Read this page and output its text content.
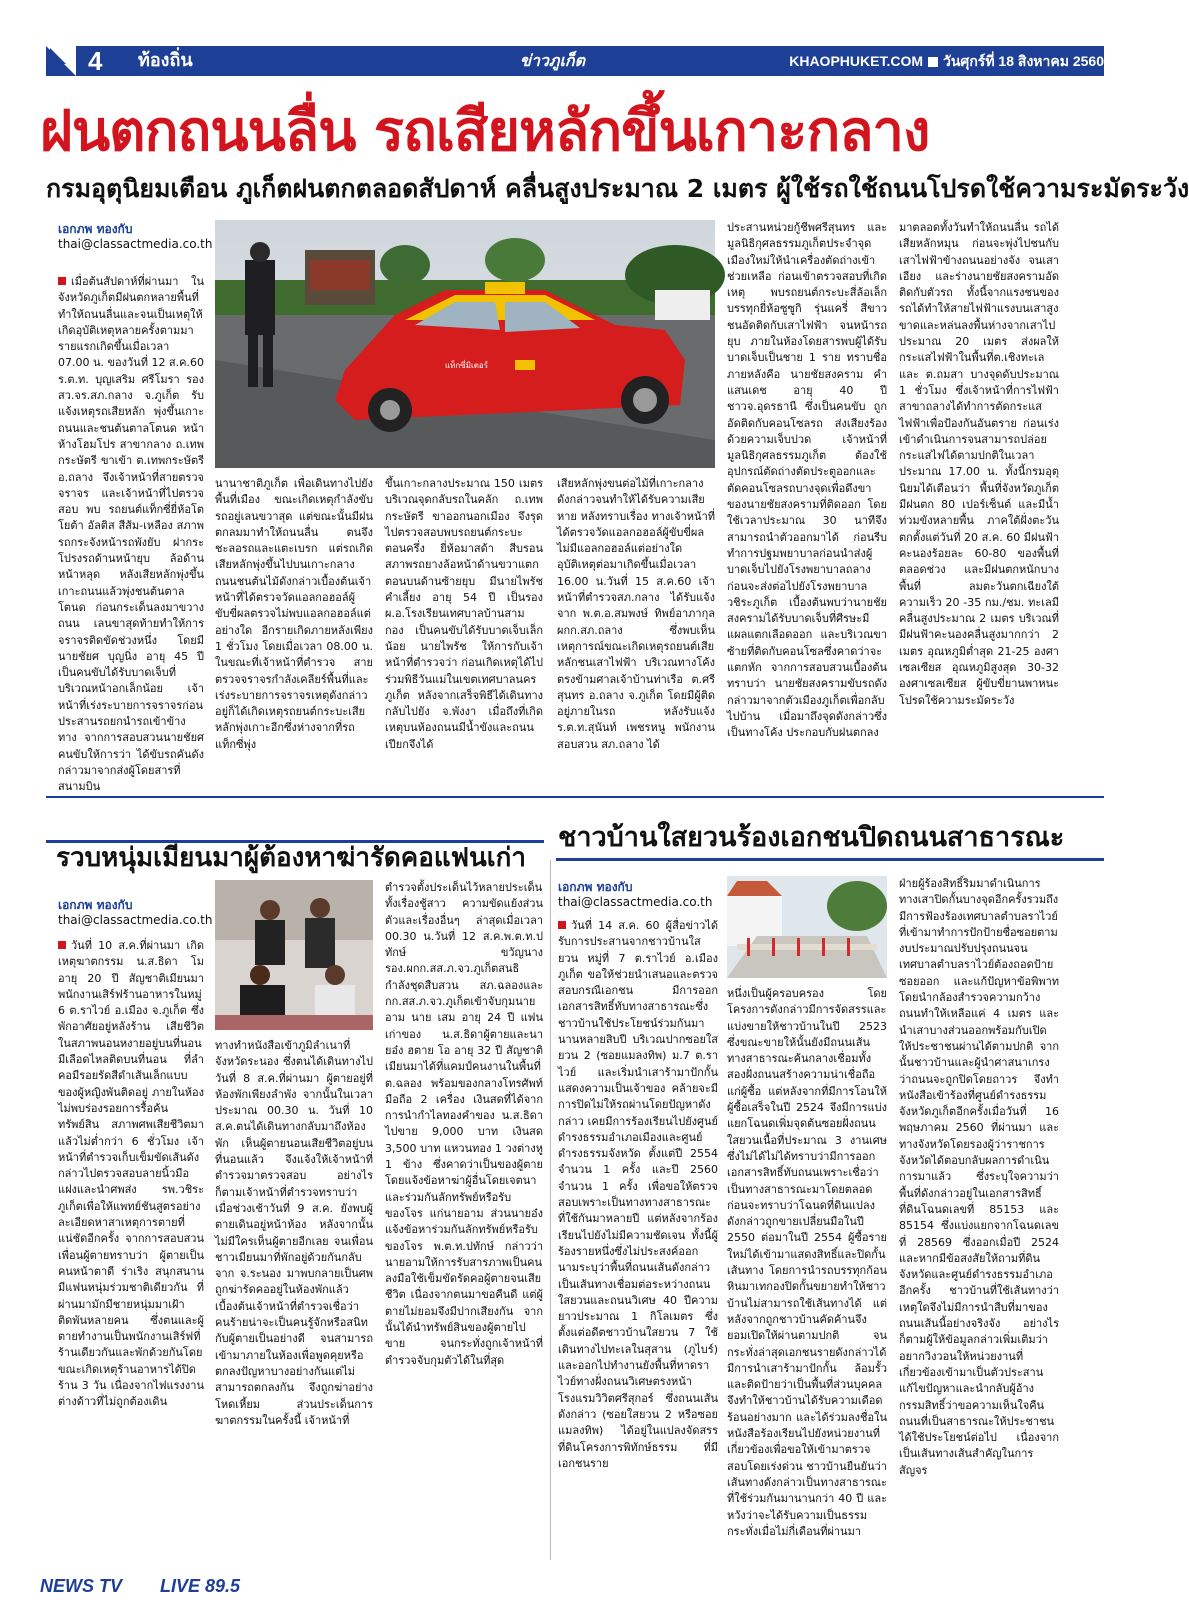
4 ท้องถิ่น	ข่าวภูเก็ต	KHAOPHUKET.COM วันศุกร์ที่ 18 สิงหาคม 2560
ฝนตกถนนลื่น รถเสียหลักขึ้นเกาะกลาง
กรมอุตุนิยมเตือน ภูเก็ตฝนตกตลอดสัปดาห์ คลื่นสูงประมาณ 2 เมตร ผู้ใช้รถใช้ถนนโปรดใช้ความระมัดระวัง
เอกภพ ทองกับ
thai@classactmedia.co.th
แท็กซี่มิเตอร์
เมื่อต้นสัปดาห์ที่ผ่านมา ในจังหวัดภูเก็ตมีฝนตกหลายพื้นที่ ทำให้ถนนลื่นและจนเป็นเหตุให้เกิดอุบัติเหตุหลายครั้งตามมา รายแรกเกิดขึ้นเมื่อเวลา 07.00 น. ของวันที่ 12 ส.ค.60 ร.ต.ท. บุญเสริม ศรีโมรา รอง สว.จร.สภ.กลาง จ.ภูเก็ต รับแจ้งเหตุรถเสียหลัก พุ่งขึ้นเกาะถนนและชนต้นตาลโตนด หน้าห้างโฮมโปร สาขากลาง ถ.เทพกระษัตรี ขาเข้า ต.เทพกระษัตรี อ.ถลาง จึงเจ้าหน้าที่สายตรวจจราจร และเจ้าหน้าที่ไปตรวจสอบ พบ รถยนต์แท็กซี่ยี่ห้อโตโยต้า อัลติส สีส้ม-เหลือง สภาพรถกระจังหน้ารถพังยับ ฝากระโปรงรถด้านหน้ายุบ ล้อด้านหน้าหลุด หลังเสียหลักพุ่งขึ้นเกาะถนนแล้วพุ่งชนต้นตาลโตนด ก่อนกระเด็นลงมาขวางถนน เลนขาสุดท้ายทำให้การจราจรติดขัดช่วงหนึ่ง โดยมีนายชัยศ บุญนิ่ง อายุ 45 ปี เป็นคนขับได้รับบาดเจ็บที่บริเวณหน้าอกเล็กน้อย เจ้าหน้าที่เร่งระบายการจราจรก่อนประสานรถยกนำรถเข้าข้างทาง จากการสอบสวนนายชัยศ คนขับให้การว่า ได้ขับรถคันดังกล่าวมาจากส่งผู้โดยสารที่สนามบิน
นานาชาติภูเก็ต เพื่อเดินทางไปยังพื้นที่เมือง ขณะเกิดเหตุกำลังขับรถอยู่เลนขวาสุด แต่ขณะนั้นมีฝนตกลมมาทำให้ถนนลื่น ตนจึงชะลอรถและแตะเบรก แต่รถเกิดเสียหลักพุ่งขึ้นไปบนเกาะกลางถนนชนต้นไม้ดังกล่าวเบื้องต้นเจ้าหน้าที่ได้ตรวจวัดแอลกอฮอล์ผู้ขับขี่ผลตรวจไม่พบแอลกอฮอล์แต่อย่างใด อีกรายเกิดภายหลังเพียง 1 ชั่วโมง โดยเมื่อเวลา 08.00 น. ในขณะที่เจ้าหน้าที่ตำรวจ สายตรวจจราจรกำลังเคลียร์พื้นที่และเร่งระบายการจราจรเหตุดังกล่าวอยู่ก็ได้เกิดเหตุรถยนต์กระบะเสียหลักพุ่งเกาะอีกซึ่งห่างจากที่รถแท็กซี่พุ่ง
ขึ้นเกาะกลางประมาณ 150 เมตร บริเวณจุดกลับรถในคลัก ถ.เทพกระษัตรี ขาออกนอกเมือง จึงรุดไปตรวจสอบพบรถยนต์กระบะตอนครึ่ง ยี่ห้อมาสด้า สีบรอน สภาพรถยางล้อหน้าด้านขวาแตก ตอนบนด้านซ้ายยุบ มีนายไพรัช คำเลี้ยง อายุ 54 ปี เป็นรอง ผ.อ.โรงเรียนเทศบาลบ้านสามกอง เป็นคนขับได้รับบาดเจ็บเล็กน้อย นายไพรัช ให้การกับเจ้าหน้าที่ตำรวจว่า ก่อนเกิดเหตุได้ไปร่วมพิธีวันแม่ในเขตเทศบาลนครภูเก็ต หลังจากเสร็จพิธีได้เดินทางกลับไปยัง จ.พังงา เมื่อถึงที่เกิดเหตุบนห้องถนนมีน้ำขังและถนนเปียกจึงได้
เสียหลักพุ่งขนต่อไม้ที่เกาะกลางดังกล่าวจนทำให้ได้รับความเสียหาย หลังทราบเรื่อง ทางเจ้าหน้าที่ได้ตรวจวัดแอลกอฮอล์ผู้ขับขี่ผลไม่มีแอลกอฮอล์แต่อย่างใด อุบัติเหตุต่อมาเกิดขึ้นเมื่อเวลา 16.00 น.วันที่ 15 ส.ค.60 เจ้าหน้าที่ตำรวจสภ.กลาง ได้รับแจ้งจาก พ.ต.อ.สมพงษ์ ทิพย์อาภากุล ผกก.สภ.ถลาง ซึ่งพบเห็นเหตุการณ์ขณะเกิดเหตุรถยนต์เสียหลักชนเสาไฟฟ้า บริเวณทางโค้งตรงข้ามศาลเจ้าบ้านท่าเรือ ต.ศรีสุนทร อ.ถลาง จ.ภูเก็ต โดยมีผู้ติดอยู่ภายในรถ หลังรับแจ้ง ร.ต.ท.สุนันท์ เพชรหนู พนักงานสอบสวน สภ.ถลาง ได้
ประสานหน่วยกู้ชีพศรีสุนทร และมูลนิธิกุศลธรรมภูเก็ตประจำจุดเมืองใหม่ให้นำเครื่องตัดถ่างเข้าช่วยเหลือ ก่อนเข้าตรวจสอบที่เกิดเหตุ พบรถยนต์กระบะสี่ล้อเล็กบรรทุกยี่ห้อซูซูกิ รุ่นแครี่ สีขาว ชนอัดติดกับเสาไฟฟ้า จนหน้ารถยุบ ภายในห้องโดยสารพบผู้ได้รับบาดเจ็บเป็นชาย 1 ราย ทราบชื่อภายหลังคือ นายชัยสงคราม คำแสนเดช อายุ 40 ปี ชาวจ.อุดรธานี ซึ่งเป็นคนขับ ถูกอัดติดกับคอนโซลรถ ส่งเสียงร้องด้วยความเจ็บปวด เจ้าหน้าที่มูลนิธิกุศลธรรมภูเก็ต ต้องใช้อุปกรณ์ตัดถ่างตัดประตูออกและตัดคอนโซลรถบางจุดเพื่อดึงขาของนายชัยสงครามที่ติดออก โดยใช้เวลาประมาณ 30 นาทีจึงสามารถนำตัวออกมาได้ ก่อนรีบทำการปฐมพยาบาลก่อนนำส่งผู้บาดเจ็บไปยังโรงพยาบาลถลาง ก่อนจะส่งต่อไปยังโรงพยาบาลวชิระภูเก็ต เบื้องต้นพบว่านายชัยสงครามได้รับบาดเจ็บที่ศีรษะมีแผลแตกเลือดออก และบริเวณขาซ้ายที่ติดกับคอนโซลซึ่งคาดว่าจะแตกหัก จากการสอบสวนเบื้องต้นทราบว่า นายชัยสงครามขับรถดังกล่าวมาจากตัวเมืองภูเก็ตเพื่อกลับไปบ้าน เมื่อมาถึงจุดดังกล่าวซึ่งเป็นทางโค้ง ประกอบกับฝนตกลง
มาตลอดทั้งวันทำให้ถนนลื่น รถได้เสียหลักหมุน ก่อนจะพุ่งไปชนกับเสาไฟฟ้าข้างถนนอย่างจัง จนเสาเอียง และร่างนายชัยสงครามอัดติดกับตัวรถ ทั้งนี้จากแรงชนของรถได้ทำให้สายไฟฟ้าแรงบนเสาสูงขาดและหล่นลงพื้นห่างจากเสาไปประมาณ 20 เมตร ส่งผลให้กระแสไฟฟ้าในพื้นที่ต.เชิงทะเล และ ต.ถมสา บางจุดดับประมาณ 1 ชั่วโมง ซึ่งเจ้าหน้าที่การไฟฟ้าสาขาถลางได้ทำการตัดกระแสไฟฟ้าเพื่อป้องกันอันตราย ก่อนเร่งเข้าดำเนินการจนสามารถปล่อยกระแสไฟได้ตามปกติในเวลาประมาณ 17.00 น. ทั้งนี้กรมอุตุนิยมได้เตือนว่า พื้นที่จังหวัดภูเก็ตมีฝนตก 80 เปอร์เซ็นต์ และมีน้ำท่วมขังหลายพื้น ภาคใต้ฝั่งตะวันตกตั้งแต่วันที่ 20 ส.ค. 60 มีฝนฟ้าคะนองร้อยละ 60-80 ของพื้นที่ ตลอดช่วง และมีฝนตกหนักบางพื้นที่ ลมตะวันตกเฉียงใต้ ความเร็ว 20 -35 กม./ชม. ทะเลมีคลื่นสูงประมาณ 2 เมตร บริเวณที่มีฝนฟ้าคะนองคลื่นสูงมากกว่า 2 เมตร อุณหภูมิต่ำสุด 21-25 องศาเซลเซียส อุณหภูมิสูงสุด 30-32 องศาเซลเซียส ผู้ขับขี่ยานพาหนะโปรดใช้ความระมัดระวัง
รวบหนุ่มเมียนมาผู้ต้องหาฆ่ารัดคอแฟนเก่า
เอกภพ ทองกับ
thai@classactmedia.co.th
วันที่ 10 ส.ค.ที่ผ่านมา เกิดเหตุฆาตกรรม น.ส.ธิดา โม อายุ 20 ปี สัญชาติเมียนมา พนักงานเสิร์ฟร้านอาหารในหมู่ 6 ต.ราไวย์ อ.เมือง จ.ภูเก็ต ซึ่งพักอาศัยอยู่หลังร้าน เสียชีวิตในสภาพนอนหงายอยู่บนที่นอนมีเลือดไหลติดบนที่นอน ที่ลำคอมีรอยรัดสีดำเส้นเล็กแบบของผู้หญิงพันติดอยู่ ภายในห้องไม่พบร่องรอยการรื้อค้นทรัพย์สิน สภาพศพเสียชีวิตมาแล้วไม่ต่ำกว่า 6 ชั่วโมง เจ้าหน้าที่ตำรวจเก็บเข็มขัดเส้นดังกล่าวไปตรวจสอบลายนิ้วมือแฝงและนำศพส่ง รพ.วชิระภูเก็ตเพื่อให้แพทย์ชันสูตรอย่างละเอียดหาสาเหตุการตายที่แน่ชัดอีกครั้ง จากการสอบสวนเพื่อนผู้ตายทราบว่า ผู้ตายเป็นคนหน้าตาดี ร่าเริง สนุกสนาน มีแฟนหนุ่มร่วมชาติเดียวกัน ที่ผ่านมามักมีชายหนุ่มมาเฝ้าติดพันหลายคน ซึ่งตนและผู้ตายทำงานเป็นพนักงานเสิร์ฟที่ร้านเดียวกันและพักด้วยกันโดยขณะเกิดเหตุร้านอาหารได้ปิดร้าน 3 วัน เนื่องจากไฟแรงงานต่างด้าวที่ไม่ถูกต้องเดิน
ทางทำหนังสือเข้าภูมิลำเนาที่จังหวัดระนอง ซึ่งตนได้เดินทางไปวันที่ 8 ส.ค.ที่ผ่านมา ผู้ตายอยู่ที่ห้องพักเพียงลำพัง จากนั้นในเวลาประมาณ 00.30 น. วันที่ 10 ส.ค.ตนได้เดินทางกลับมาถึงห้องพัก เห็นผู้ตายนอนเสียชีวิตอยู่บนที่นอนแล้ว จึงแจ้งให้เจ้าหน้าที่ตำรวจมาตรวจสอบ อย่างไรก็ตามเจ้าหน้าที่ตำรวจทราบว่า เมื่อช่วงเช้าวันที่ 9 ส.ค. ยังพบผู้ตายเดินอยู่หน้าห้อง หลังจากนั้นไม่มีใครเห็นผู้ตายอีกเลย จนเพื่อนชาวเมียนมาที่พักอยู่ด้วยกันกลับจาก จ.ระนอง มาพบกลายเป็นศพถูกฆ่ารัดคออยู่ในห้องพักแล้ว เบื้องต้นเจ้าหน้าที่ตำรวจเชื่อว่าคนร้ายน่าจะเป็นคนรู้จักหรือสนิทกับผู้ตายเป็นอย่างดี จนสามารถเข้ามาภายในห้องเพื่อพูดคุยหรือตกลงปัญหาบางอย่างกันแต่ไม่สามารถตกลงกัน จึงถูกฆ่าอย่างโหดเหี้ยม ส่วนประเด็นการฆาตกรรมในครั้งนี้ เจ้าหน้าที่
ตำรวจตั้งประเด็นไว้หลายประเด็น ทั้งเรื่องชู้สาว ความขัดแย้งส่วนตัวและเรื่องอื่นๆ ล่าสุดเมื่อเวลา 00.30 น.วันที่ 12 ส.ค.พ.ต.ท.ปทักษ์ ขวัญนาง รอง.ผกก.สส.ภ.จว.ภูเก็ตสนธิกำลังชุดสืบสวน สภ.ฉลองและ กก.สส.ภ.จว.ภูเก็ตเข้าจับกุมนายอาม นาย เสม อายุ 24 ปี แฟนเก่าของ น.ส.ธิดาผู้ตายและนายอ๋ง ฮตาย โอ อายุ 32 ปี สัญชาติเมียนมาได้ที่แคมป์คนงานในพื้นที่ ต.ฉลอง พร้อมของกลางโทรศัพท์มือถือ 2 เครื่อง เงินสดที่ได้จากการนำกำไลทองคำของ น.ส.ธิดาไปขาย 9,000 บาท เงินสด 3,500 บาท แหวนทอง 1 วงต่างหู 1 ข้าง ซึ่งคาดว่าเป็นของผู้ตาย โดยแจ้งข้อหาฆ่าผู้อื่นโดยเจตนาและร่วมกันลักทรัพย์หรือรับของโจร แก่นายอาม ส่วนนายอ๋งแจ้งข้อหาร่วมกันลักทรัพย์หรือรับของโจร พ.ต.ท.ปทักษ์ กล่าวว่า นายอามให้การรับสารภาพเป็นคนลงมือใช้เข็มขัดรัดคอผู้ตายจนเสียชีวิต เนื่องจากตนมาขอคืนดี แต่ผู้ตายไม่ยอมจึงมีปากเสียงกัน จากนั้นได้นำทรัพย์สินของผู้ตายไปขาย จนกระทั่งถูกเจ้าหน้าที่ตำรวจจับกุมตัวได้ในที่สุด
ชาวบ้านใสยวนร้องเอกชนปิดถนนสาธารณะ
เอกภพ ทองกับ
thai@classactmedia.co.th
วันที่ 14 ส.ค. 60 ผู้สื่อข่าวได้รับการประสานจากชาวบ้านใสยวน หมู่ที่ 7 ต.ราไวย์ อ.เมืองภูเก็ต ขอให้ช่วยนำเสนอและตรวจสอบกรณีเอกชน มีการออกเอกสารสิทธิ์ทับทางสาธารณะซึ่งชาวบ้านใช้ประโยชน์ร่วมกันมานานหลายสิบปี บริเวณปากซอยใสยวน 2 (ซอยแมลงทิพ) ม.7 ต.ราไวย์ และเริ่มนำเสาร้ามาปักกั้นแสดงความเป็นเจ้าของ คล้ายจะมีการปิดไม่ให้รถผ่านโดยปัญหาดังกล่าว เคยมีการร้องเรียนไปยังศูนย์ดำรงธรรมอำเภอเมืองและศูนย์ดำรงธรรมจังหวัด ตั้งแต่ปี 2554 จำนวน 1 ครั้ง และปี 2560 จำนวน 1 ครั้ง เพื่อขอให้ตรวจสอบเพราะเป็นทางทางสาธารณะที่ใช้กันมาหลายปี แต่หลังจากร้องเรียนไปยังไม่มีความชัดเจน ทั้งนี้ผู้ร้องรายหนึ่งซึ่งไม่ประสงค์ออกนามระบุว่าพื้นที่ถนนเส้นดังกล่าวเป็นเส้นทางเชื่อมต่อระหว่างถนนใสยวนและถนนวิเศษ 40 ปีความยาวประมาณ 1 กิโลเมตร ซึ่งตั้งแต่อดีตชาวบ้านใสยวน 7 ใช้เดินทางไปทะเลในสุสาน (ภูไบร์) และออกไปทำงานยังพื้นที่หาดราไวย์ทางฝั่งถนนวิเศษตรงหน้าโรงแรมวิวิตศรีสุกอร์ ซึ่งถนนเส้นดังกล่าว (ซอยใสยวน 2 หรือซอยแมลงทิพ) ได้อยู่ในแปลงจัดสรรที่ดินโครงการพิทักษ์ธรรม ที่มีเอกชนราย
หนึ่งเป็นผู้ครอบครอง โดยโครงการดังกล่าวมีการจัดสรรและแบ่งขายให้ชาวบ้านในปี 2523 ซึ่งขณะขายให้นั้นยังมีถนนเส้นทางสาธารณะค้นกลางเชื่อมทั้งสองฝั่งถนนสร้างความน่าเชื่อถือแก่ผู้ซื้อ แต่หลังจากที่มีการโอนให้ผู้ซื้อเสร็จในปี 2524 จึงมีการแบ่งแยกโฉนดเพิ่มจุดต้นซอยฝั่งถนนใสยวนเนื้อที่ประมาณ 3 งานเศษซึ่งไม่ได้ไม่ได้ทราบว่ามีการออกเอกสารสิทธิ์ทับถนนเพราะเชื่อว่าเป็นทางสาธารณะมาโดยตลอดก่อนจะทราบว่าโฉนดที่ดินแปลงดังกล่าวถูกขายเปลี่ยนมือในปี 2550 ต่อมาในปี 2554 ผู้ซื้อรายใหม่ได้เข้ามาแสดงสิทธิ์และปิดกั้นเส้นทาง โดยการนำรถบรรทุกก้อนหินมาเทกองปิดกั้นขยายทำให้ชาวบ้านไม่สามารถใช้เส้นทางได้ แต่หลังจากถูกชาวบ้านคัดค้านจึงยอมเปิดให้ผ่านตามปกติ จนกระทั่งล่าสุดเอกชนรายดังกล่าวได้มีการนำเสาร้ามาปักกั้น ล้อมรั้วและติดป้ายว่าเป็นพื้นที่ส่วนบุคคล จึงทำให้ชาวบ้านได้รับความเดือดร้อนอย่างมาก และได้ร่วมลงชื่อในหนังสือร้องเรียนไปยังหน่วยงานที่เกี่ยวข้องเพื่อขอให้เข้ามาตรวจสอบโดยเร่งด่วน ชาวบ้านยืนยันว่าเส้นทางดังกล่าวเป็นทางสาธารณะที่ใช้ร่วมกันมานานกว่า 40 ปี และหวังว่าจะได้รับความเป็นธรรม กระทั่งเมื่อไม่กี่เดือนที่ผ่านมา
ฝ่ายผู้ร้องสิทธิ์ริมมาดำเนินการทางเสาปิดกั้นบางจุดอีกครั้งรวมถึงมีการฟ้องร้องเทศบาลตำบลราไวย์ที่เข้ามาทำการปักป้ายชื่อซอยตามงบประมาณปรับปรุงถนนจนเทศบาลตำบลราไวย์ต้องถอดป้ายซอยออก และแก้ปัญหาข้อพิพาทโดยนำกล้องสำรวจความกว้างถนนทำให้เหลือแค่ 4 เมตร และนำเสาบางส่วนออกพร้อมกับเปิดให้ประชาชนผ่านได้ตามปกติ จากนั้นชาวบ้านและผู้นำศาสนาเกรงว่าถนนจะถูกปิดโดยถาวร จึงทำหนังสือเข้าร้องที่ศูนย์ดำรงธรรมจังหวัดภูเก็ตอีกครั้งเมื่อวันที่ 16 พฤษภาคม 2560 ที่ผ่านมา และทางจังหวัดโดยรองผู้ว่าราชการจังหวัดได้ตอบกลับผลการดำเนินการมาแล้ว ซึ่งระบุใจความว่า พื้นที่ดังกล่าวอยู่ในเอกสารสิทธิ์ที่ดินโฉนดเลขที่ 85153 และ 85154 ซึ่งแบ่งแยกจากโฉนดเลขที่ 28569 ซึ่งออกเมื่อปี 2524 และหากมีข้อสงสัยให้ถามที่ดินจังหวัดและศูนย์ดำรงธรรมอำเภออีกครั้ง ชาวบ้านที่ใช้เส้นทางว่าเหตุใดจึงไม่มีการนำสืบที่มาของถนนเส้นนี้อย่างจริงจัง อย่างไรก็ตามผู้ให้ข้อมูลกล่าวเพิ่มเติมว่าอยากวิงวอนให้หน่วยงานที่เกี่ยวข้องเข้ามาเป็นตัวประสานแก้ไขปัญหาและนำกลับผู้อ้างกรรมสิทธิ์ว่าขอความเห็นใจคืนถนนที่เป็นสาธารณะให้ประชาชนได้ใช้ประโยชน์ต่อไป เนื่องจากเป็นเส้นทางเส้นสำคัญในการสัญจร
NEWS TV LIVE 89.5
